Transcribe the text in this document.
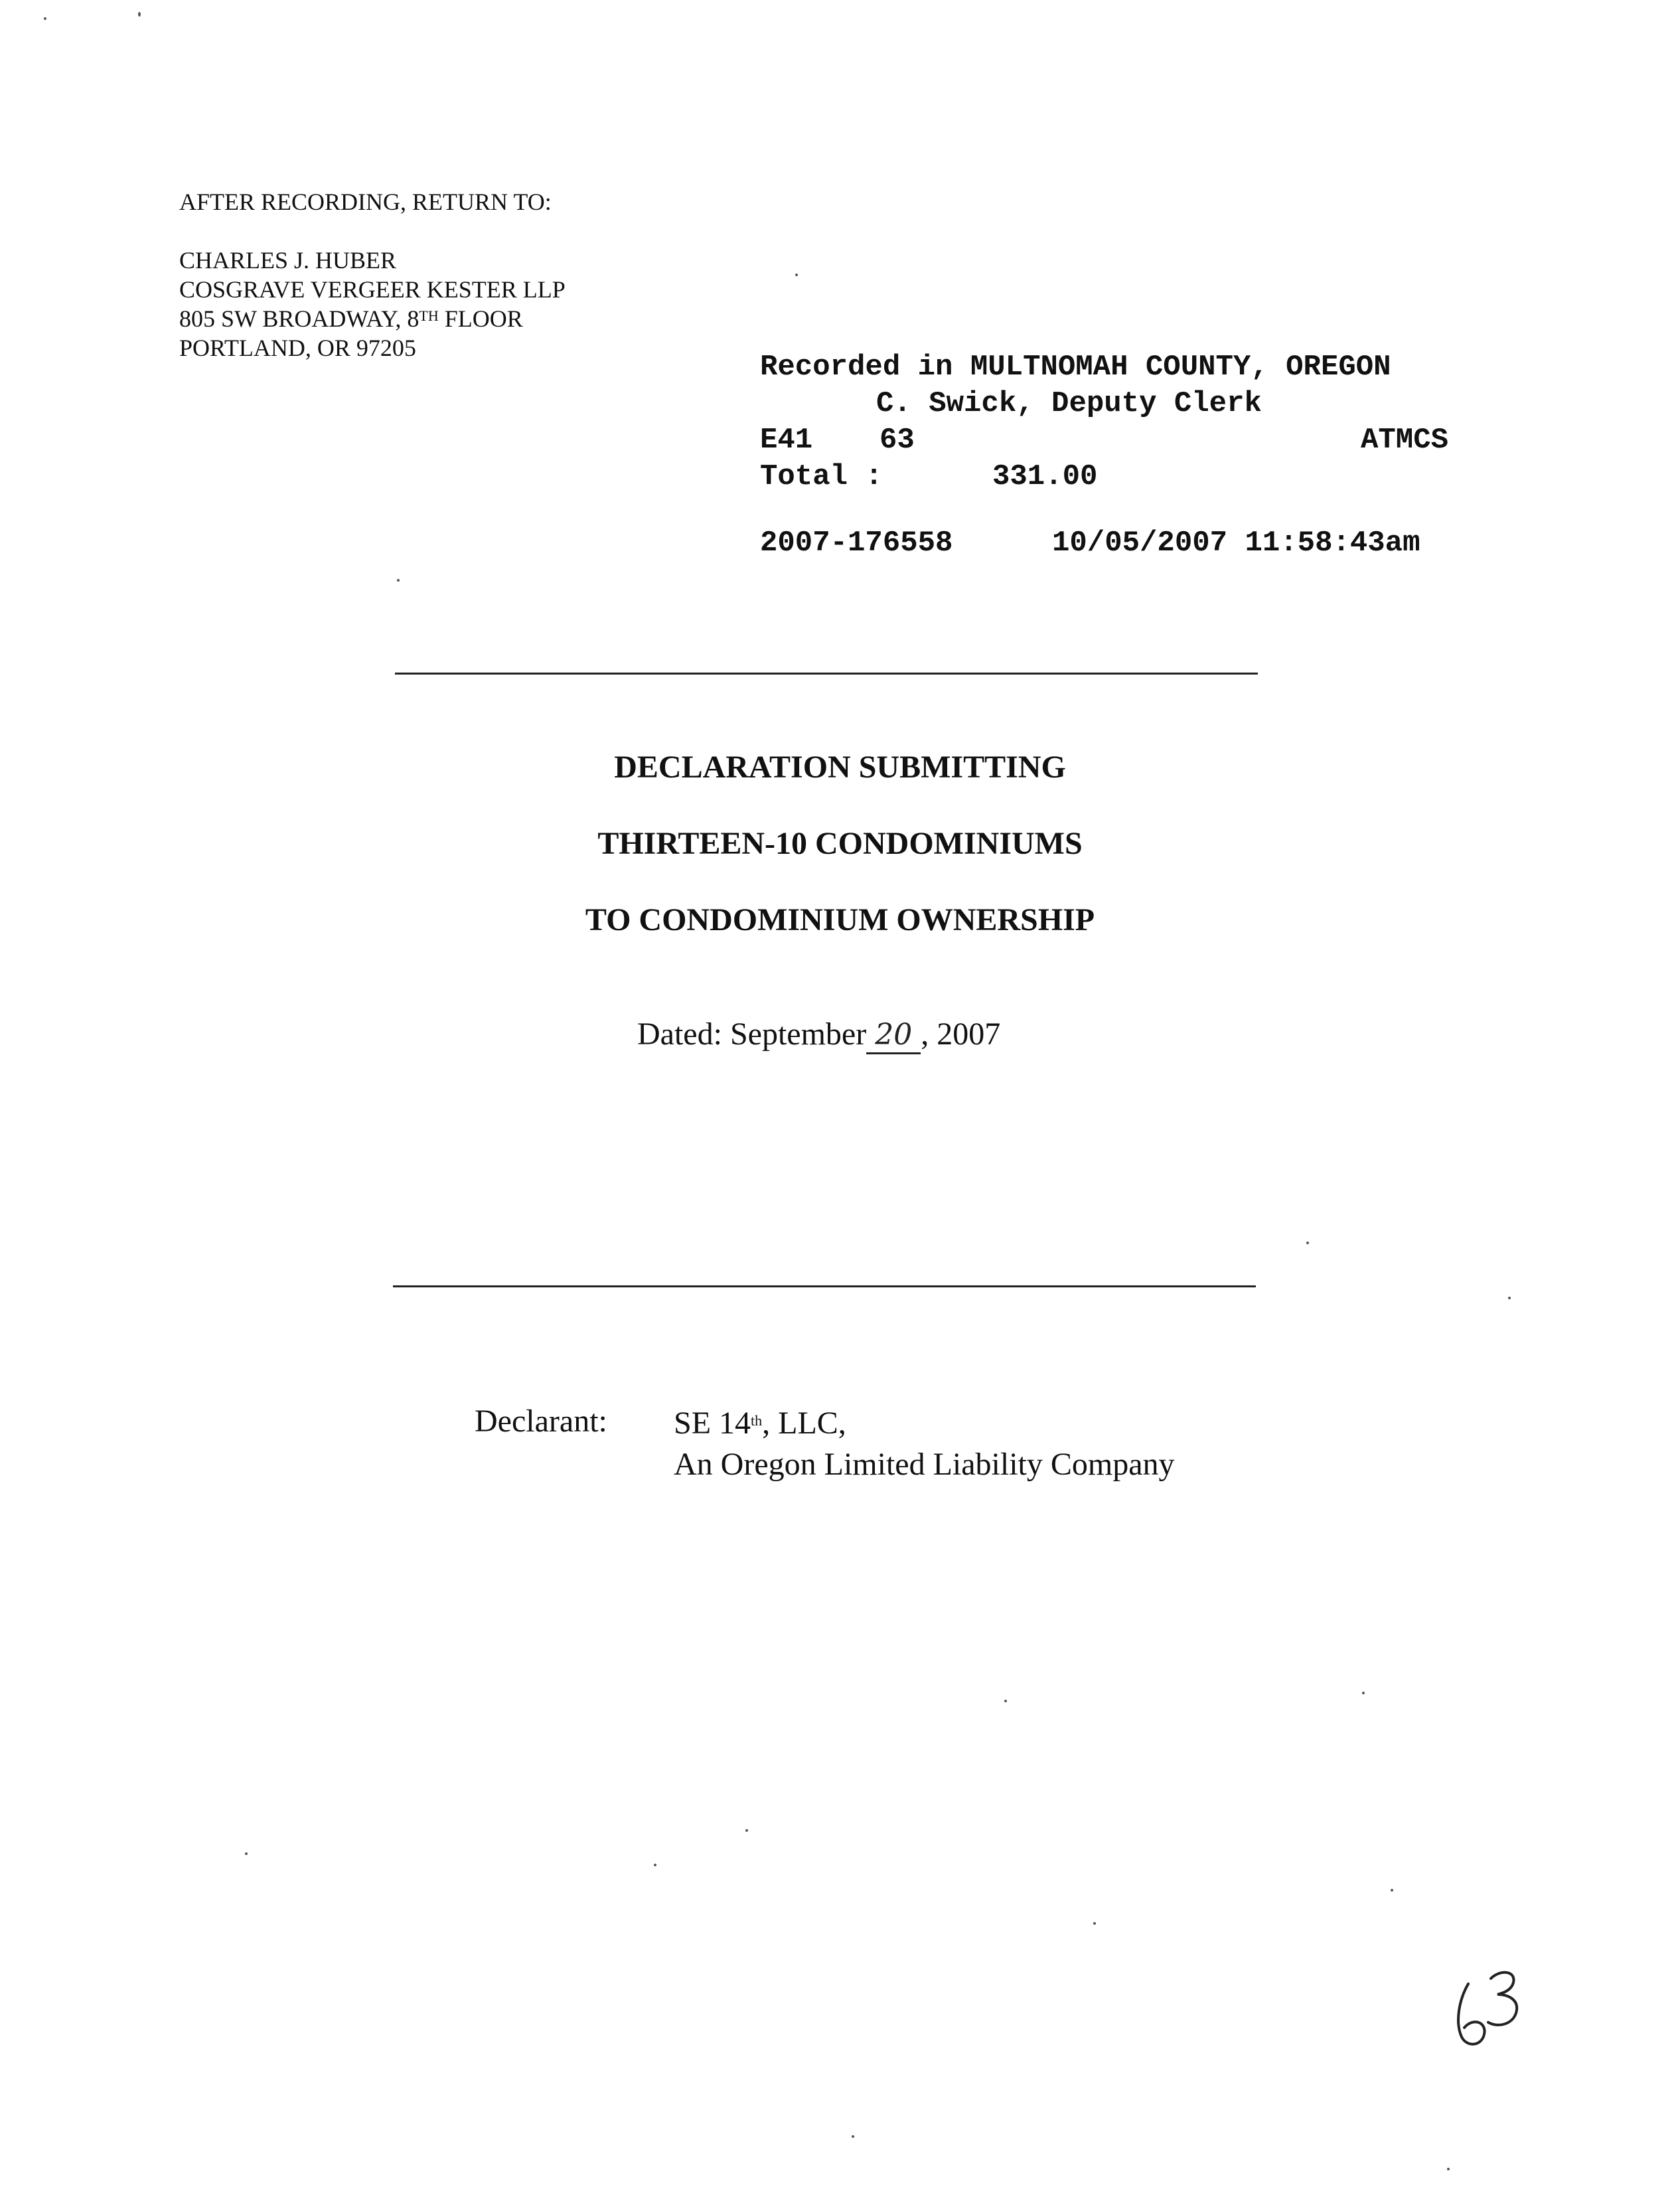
AFTER RECORDING, RETURN TO:
CHARLES J. HUBER
COSGRAVE VERGEER KESTER LLP
805 SW BROADWAY, 8TH FLOOR
PORTLAND, OR 97205
Recorded in MULTNOMAH COUNTY, OREGON
C. Swick, Deputy Clerk
E41 63	ATMCS
Total :	331.00
2007-176558	10/05/2007 11:58:43am
DECLARATION SUBMITTING
THIRTEEN-10 CONDOMINIUMS
TO CONDOMINIUM OWNERSHIP
Dated: September 20 , 2007
Declarant: SE 14th, LLC,
An Oregon Limited Liability Company
